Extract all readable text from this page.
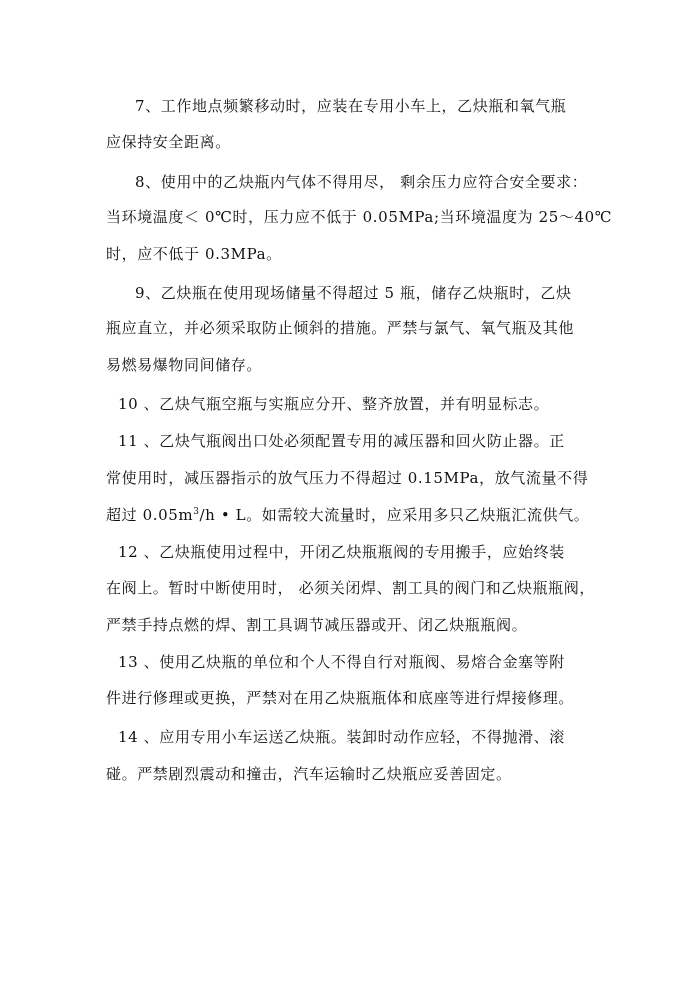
7、工作地点频繁移动时，应装在专用小车上，乙炔瓶和氧气瓶
应保持安全距离。
8、使用中的乙炔瓶内气体不得用尽， 剩余压力应符合安全要求：
当环境温度＜ 0℃时，压力应不低于 0.05MPa;当环境温度为 25～40℃
时，应不低于 0.3MPa。
9、乙炔瓶在使用现场储量不得超过 5 瓶，储存乙炔瓶时，乙炔
瓶应直立，并必须采取防止倾斜的措施。严禁与氯气、氧气瓶及其他
易燃易爆物同间储存。
10 、乙炔气瓶空瓶与实瓶应分开、整齐放置，并有明显标志。
11 、乙炔气瓶阀出口处必须配置专用的减压器和回火防止器。正
常使用时，减压器指示的放气压力不得超过 0.15MPa，放气流量不得
超过 $0.05m^3/h$ • L。如需较大流量时，应采用多只乙炔瓶汇流供气。
12 、乙炔瓶使用过程中，开闭乙炔瓶瓶阀的专用搬手，应始终装
在阀上。暂时中断使用时， 必须关闭焊、割工具的阀门和乙炔瓶瓶阀，
严禁手持点燃的焊、割工具调节减压器或开、闭乙炔瓶瓶阀。
13 、使用乙炔瓶的单位和个人不得自行对瓶阀、易熔合金塞等附
件进行修理或更换，严禁对在用乙炔瓶瓶体和底座等进行焊接修理。
14 、应用专用小车运送乙炔瓶。装卸时动作应轻，不得抛滑、滚
碰。严禁剧烈震动和撞击，汽车运输时乙炔瓶应妥善固定。
